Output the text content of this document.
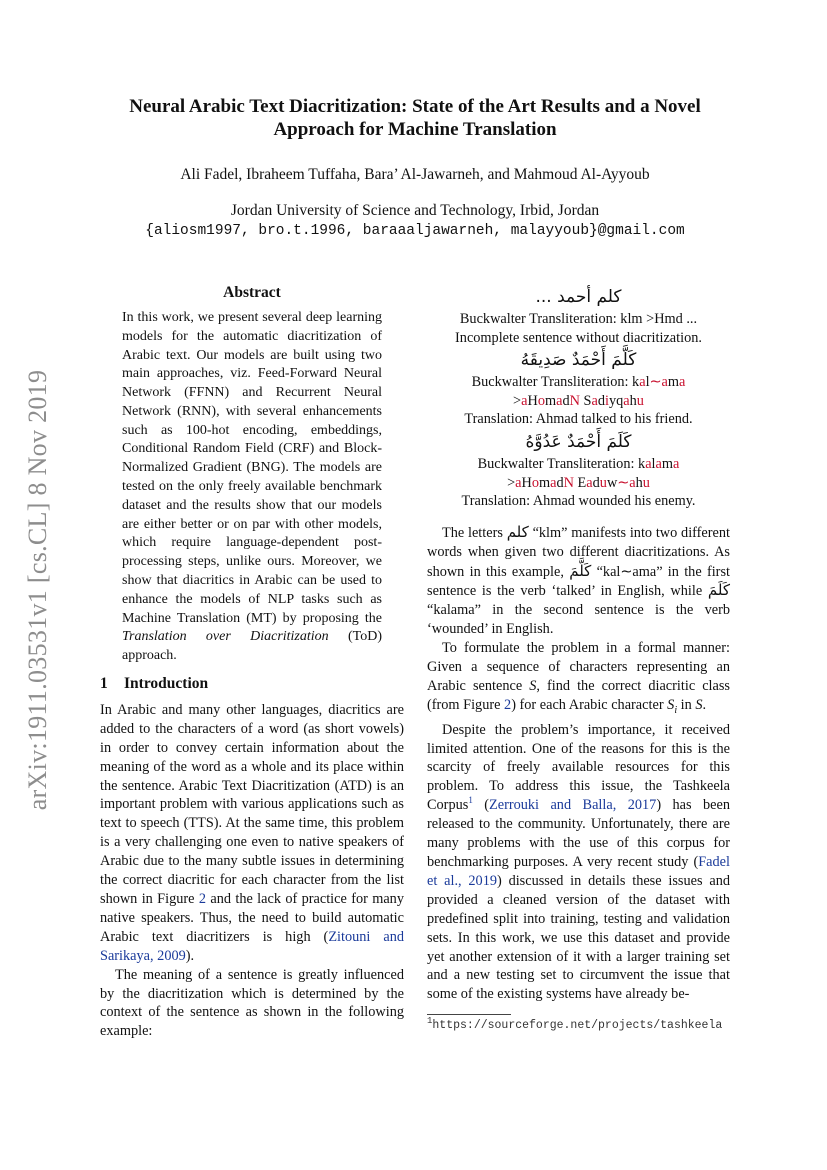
arXiv:1911.03531v1 [cs.CL] 8 Nov 2019
Neural Arabic Text Diacritization: State of the Art Results and a Novel
Approach for Machine Translation
Ali Fadel, Ibraheem Tuffaha, Bara’ Al-Jawarneh, and Mahmoud Al-Ayyoub
Jordan University of Science and Technology, Irbid, Jordan
{aliosm1997, bro.t.1996, baraaaljawarneh, malayyoub}@gmail.com
Abstract
In this work, we present several deep learning models for the automatic diacritization of Arabic text. Our models are built using two main approaches, viz. Feed-Forward Neural Network (FFNN) and Recurrent Neural Network (RNN), with several enhancements such as 100-hot encoding, embeddings, Conditional Random Field (CRF) and Block-Normalized Gradient (BNG). The models are tested on the only freely available benchmark dataset and the results show that our models are either better or on par with other models, which require language-dependent post-processing steps, unlike ours. Moreover, we show that diacritics in Arabic can be used to enhance the models of NLP tasks such as Machine Translation (MT) by proposing the Translation over Diacritization (ToD) approach.
1 Introduction

In Arabic and many other languages, diacritics are added to the characters of a word (as short vowels) in order to convey certain information about the meaning of the word as a whole and its place within the sentence. Arabic Text Diacritization (ATD) is an important problem with various applications such as text to speech (TTS). At the same time, this problem is a very challenging one even to native speakers of Arabic due to the many subtle issues in determining the correct diacritic for each character from the list shown in Figure 2 and the lack of practice for many native speakers. Thus, the need to build automatic Arabic text diacritizers is high (Zitouni and Sarikaya, 2009).

The meaning of a sentence is greatly influenced by the diacritization which is determined by the context of the sentence as shown in the following example:

كلم أحمد ...
Buckwalter Transliteration: klm >Hmd ...
Incomplete sentence without diacritization.
كَلَّمَ أَحْمَدٌ صَدِيقَهُ
Buckwalter Transliteration: kal∼ama
>aHomadN Sadiyqahu
Translation: Ahmad talked to his friend.
كَلَمَ أَحْمَدٌ عَدُوَّهُ
Buckwalter Transliteration: kalama
>aHomadN Eaduw∼ahu
Translation: Ahmad wounded his enemy.

The letters كلم “klm” manifests into two different words when given two different diacritizations. As shown in this example, كَلَّمَ “kal∼ama” in the first sentence is the verb ‘talked’ in English, while كَلَمَ “kalama” in the second sentence is the verb ‘wounded’ in English.

To formulate the problem in a formal manner: Given a sequence of characters representing an Arabic sentence S, find the correct diacritic class (from Figure 2) for each Arabic character $S_i$ in S.

Despite the problem’s importance, it received limited attention. One of the reasons for this is the scarcity of freely available resources for this problem. To address this issue, the Tashkeela Corpus$^1$ (Zerrouki and Balla, 2017) has been released to the community. Unfortunately, there are many problems with the use of this corpus for benchmarking purposes. A very recent study (Fadel et al., 2019) discussed in details these issues and provided a cleaned version of the dataset with predefined split into training, testing and validation sets. In this work, we use this dataset and provide yet another extension of it with a larger training set and a new testing set to circumvent the issue that some of the existing systems have already be-

$^1$https://sourceforge.net/projects/tashkeela
